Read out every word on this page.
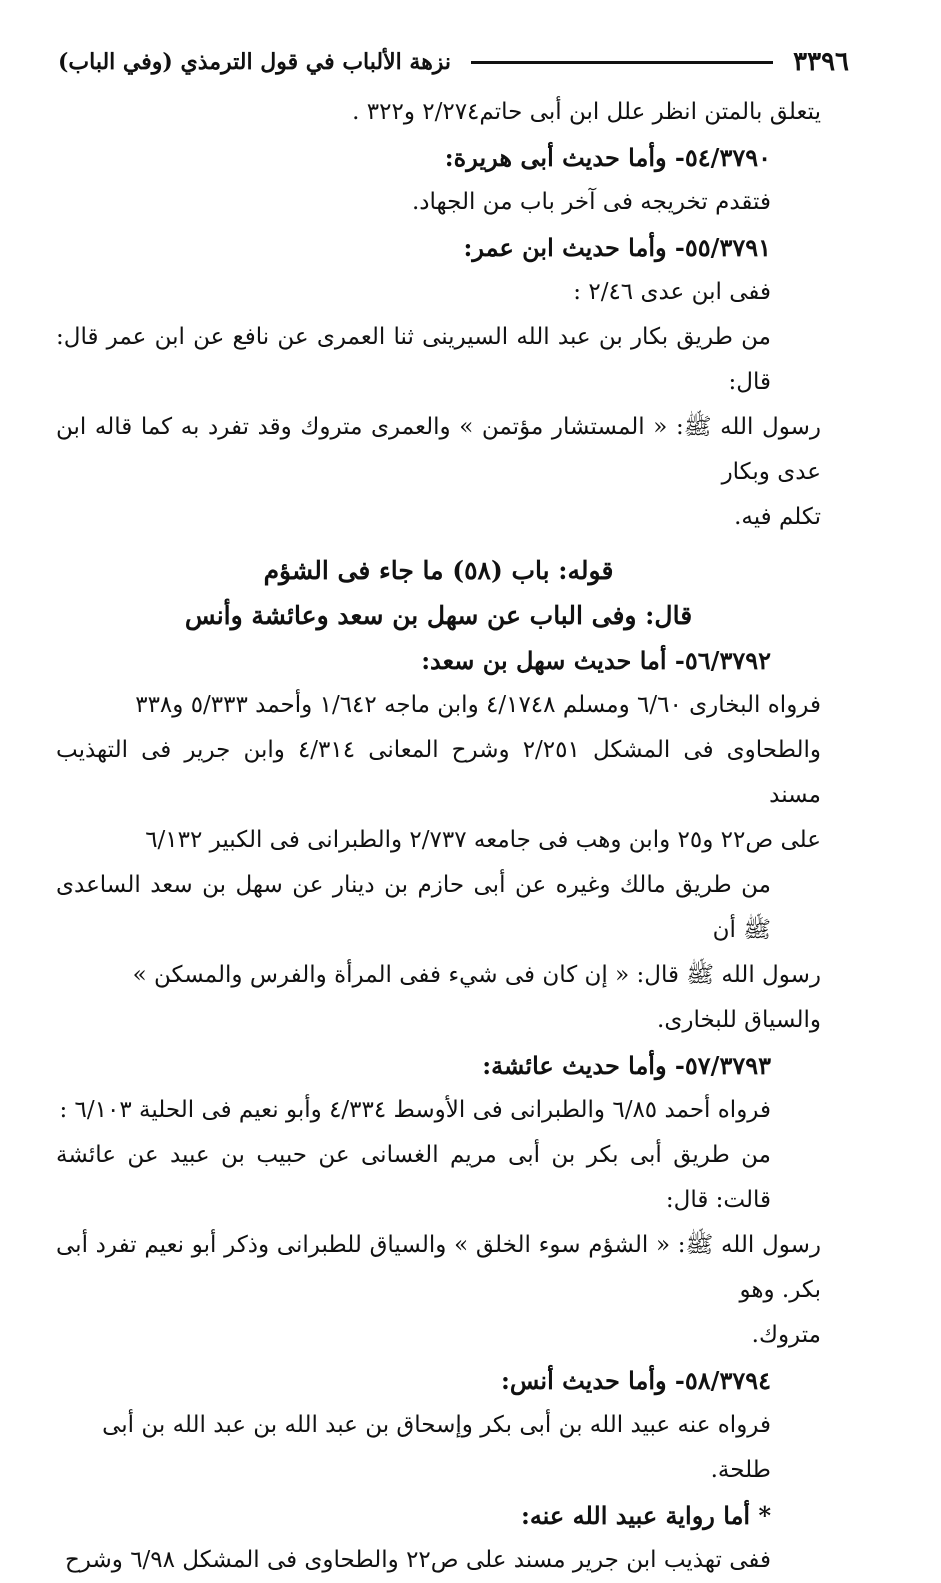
٣٣٩٦
نزهة الألباب في قول الترمذي (وفي الباب)

يتعلق بالمتن انظر علل ابن أبى حاتم٢/٢٧٤ و٣٢٢ .

٥٤/٣٧٩٠- وأما حديث أبى هريرة:

فتقدم تخريجه فى آخر باب من الجهاد.

٥٥/٣٧٩١- وأما حديث ابن عمر:

ففى ابن عدى ٢/٤٦ :

من طريق بكار بن عبد الله السيرينى ثنا العمرى عن نافع عن ابن عمر قال: قال:

رسول الله ﷺ: « المستشار مؤتمن » والعمرى متروك وقد تفرد به كما قاله ابن عدى وبكار

تكلم فيه.

قوله: باب (٥٨) ما جاء فى الشؤم

قال: وفى الباب عن سهل بن سعد وعائشة وأنس

٥٦/٣٧٩٢- أما حديث سهل بن سعد:

فرواه البخارى ٦/٦٠ ومسلم ٤/١٧٤٨ وابن ماجه ١/٦٤٢ وأحمد ٥/٣٣٣ و٣٣٨

والطحاوى فى المشكل ٢/٢٥١ وشرح المعانى ٤/٣١٤ وابن جرير فى التهذيب مسند

على ص٢٢ و٢٥ وابن وهب فى جامعه ٢/٧٣٧ والطبرانى فى الكبير ٦/١٣٢

من طريق مالك وغيره عن أبى حازم بن دينار عن سهل بن سعد الساعدى ﷺ أن

رسول الله ﷺ قال: « إن كان فى شيء ففى المرأة والفرس والمسكن » والسياق للبخارى.

٥٧/٣٧٩٣- وأما حديث عائشة:

فرواه أحمد ٦/٨٥ والطبرانى فى الأوسط ٤/٣٣٤ وأبو نعيم فى الحلية ٦/١٠٣ :

من طريق أبى بكر بن أبى مريم الغسانى عن حبيب بن عبيد عن عائشة قالت: قال:

رسول الله ﷺ: « الشؤم سوء الخلق » والسياق للطبرانى وذكر أبو نعيم تفرد أبى بكر. وهو

متروك.

٥٨/٣٧٩٤- وأما حديث أنس:

فرواه عنه عبيد الله بن أبى بكر وإسحاق بن عبد الله بن عبد الله بن أبى طلحة.

* أما رواية عبيد الله عنه:

ففى تهذيب ابن جرير مسند على ص٢٢ والطحاوى فى المشكل ٦/٩٨ وشرح
